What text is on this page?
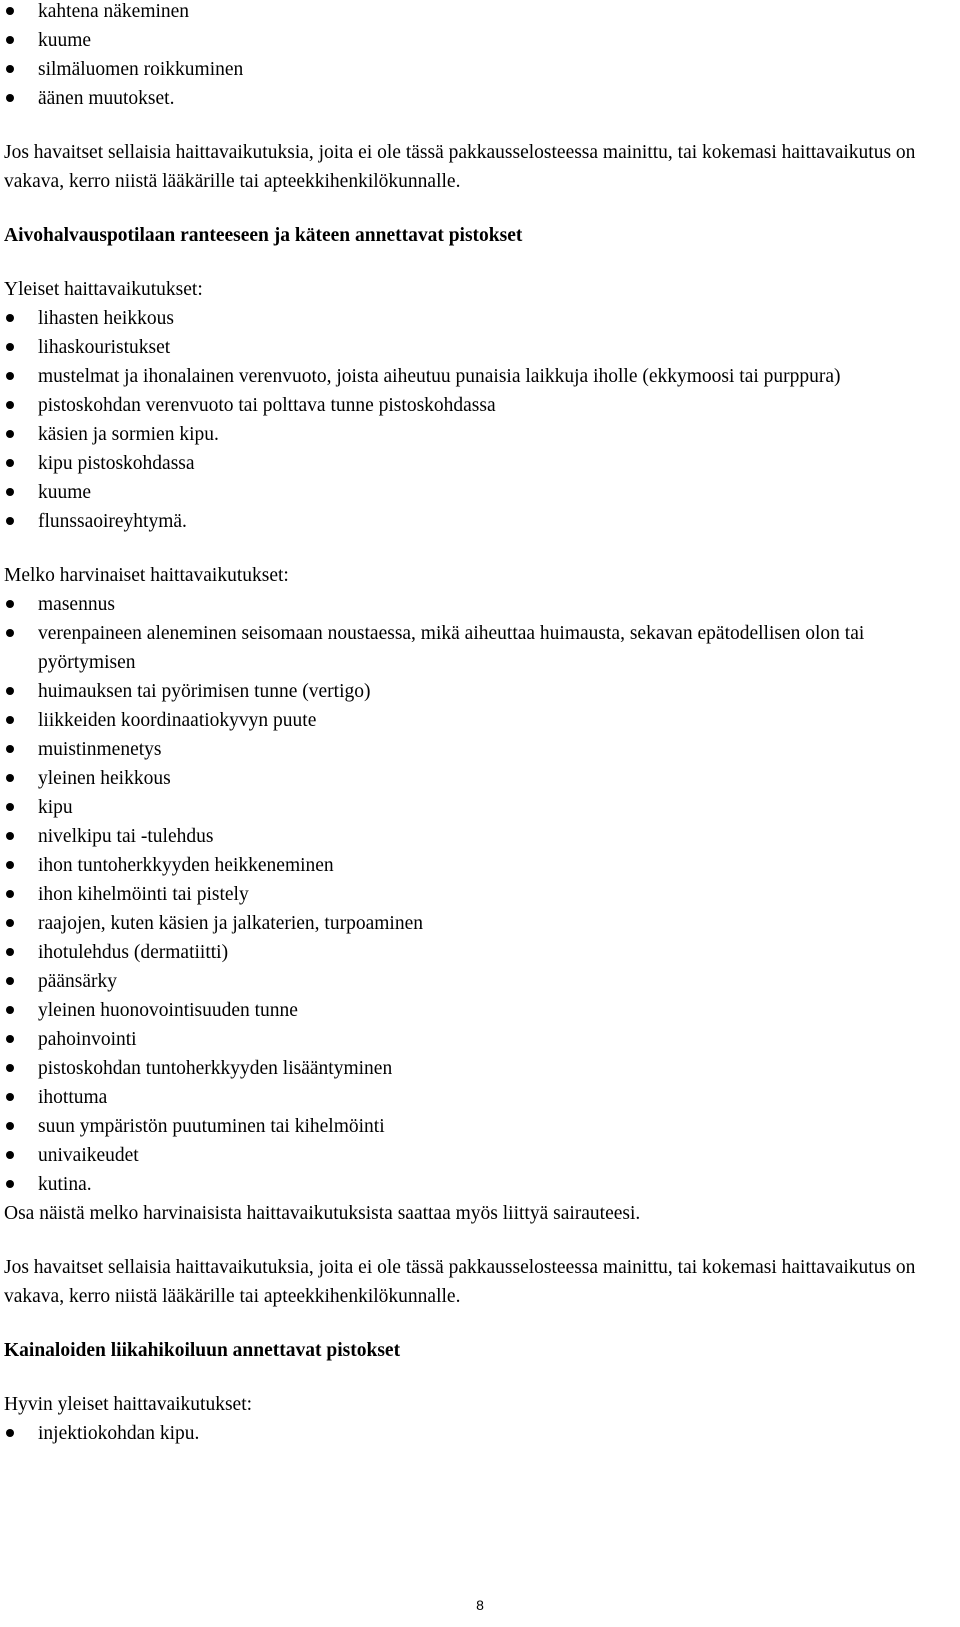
kahtena näkeminen
kuume
silmäluomen roikkuminen
äänen muutokset.

Jos havaitset sellaisia haittavaikutuksia, joita ei ole tässä pakkausselosteessa mainittu, tai kokemasi haittavaikutus on vakava, kerro niistä lääkärille tai apteekkihenkilökunnalle.

Aivohalvauspotilaan ranteeseen ja käteen annettavat pistokset

Yleiset haittavaikutukset:

lihasten heikkous
lihaskouristukset
mustelmat ja ihonalainen verenvuoto, joista aiheutuu punaisia laikkuja iholle (ekkymoosi tai purppura)
pistoskohdan verenvuoto tai polttava tunne pistoskohdassa
käsien ja sormien kipu.
kipu pistoskohdassa
kuume
flunssaoireyhtymä.

Melko harvinaiset haittavaikutukset:

masennus
verenpaineen aleneminen seisomaan noustaessa, mikä aiheuttaa huimausta, sekavan epätodellisen olon tai pyörtymisen
huimauksen tai pyörimisen tunne (vertigo)
liikkeiden koordinaatiokyvyn puute
muistinmenetys
yleinen heikkous
kipu
nivelkipu tai -tulehdus
ihon tuntoherkkyyden heikkeneminen
ihon kihelmöinti tai pistely
raajojen, kuten käsien ja jalkaterien, turpoaminen
ihotulehdus (dermatiitti)
päänsärky
yleinen huonovointisuuden tunne
pahoinvointi
pistoskohdan tuntoherkkyyden lisääntyminen
ihottuma
suun ympäristön puutuminen tai kihelmöinti
univaikeudet
kutina.

Osa näistä melko harvinaisista haittavaikutuksista saattaa myös liittyä sairauteesi.

Jos havaitset sellaisia haittavaikutuksia, joita ei ole tässä pakkausselosteessa mainittu, tai kokemasi haittavaikutus on vakava, kerro niistä lääkärille tai apteekkihenkilökunnalle.

Kainaloiden liikahikoiluun annettavat pistokset

Hyvin yleiset haittavaikutukset:

injektiokohdan kipu.
8
